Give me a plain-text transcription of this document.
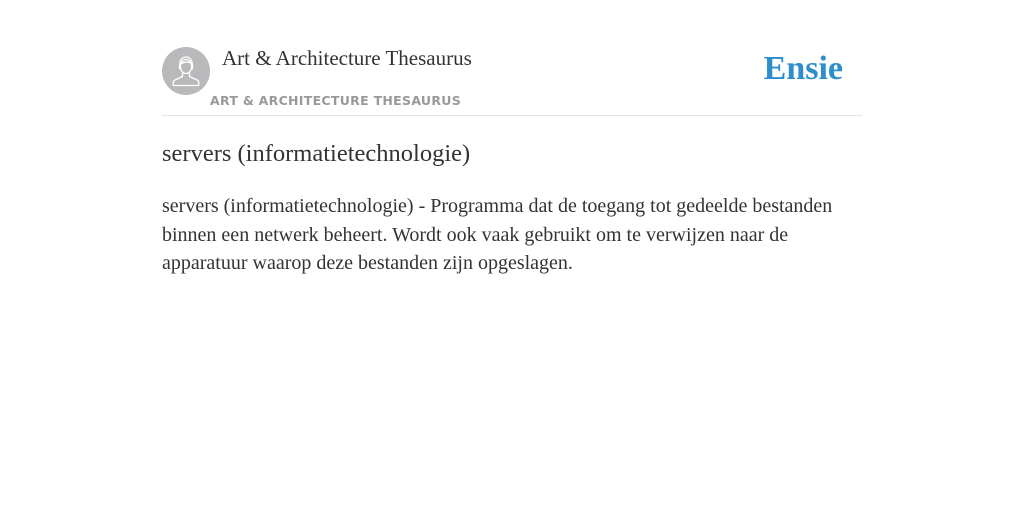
Art & Architecture Thesaurus
ART & ARCHITECTURE THESAURUS
Ensie
servers (informatietechnologie)

servers (informatietechnologie) - Programma dat de toegang tot gedeelde bestanden binnen een netwerk beheert. Wordt ook vaak gebruikt om te verwijzen naar de apparatuur waarop deze bestanden zijn opgeslagen.
